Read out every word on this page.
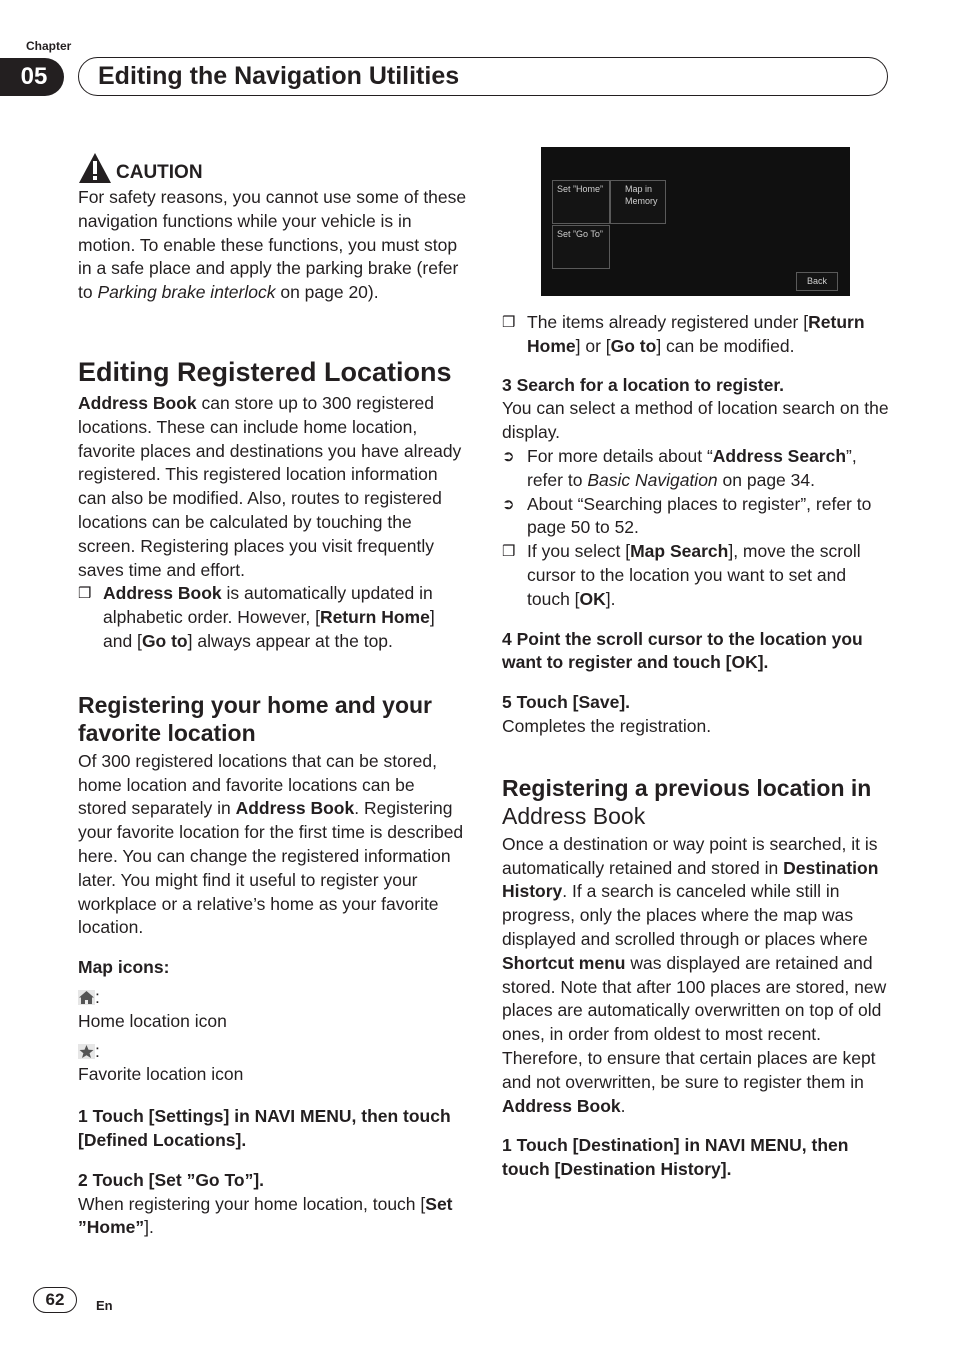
Chapter
05	Editing the Navigation Utilities
CAUTION

For safety reasons, you cannot use some of these navigation functions while your vehicle is in motion. To enable these functions, you must stop in a safe place and apply the parking brake (refer to Parking brake interlock on page 20).

Editing Registered Locations

Address Book can store up to 300 registered locations. These can include home location, favorite places and destinations you have already registered. This registered location information can also be modified. Also, routes to registered locations can be calculated by touching the screen. Registering places you visit frequently saves time and effort.

❒ Address Book is automatically updated in alphabetic order. However, [Return Home] and [Go to] always appear at the top.
Registering your home and your favorite location

Of 300 registered locations that can be stored, home location and favorite locations can be stored separately in Address Book. Registering your favorite location for the first time is described here. You can change the registered information later. You might find it useful to register your workplace or a relative’s home as your favorite location.

Map icons:

:

Home location icon

:

Favorite location icon

1 Touch [Settings] in NAVI MENU, then touch [Defined Locations].

2 Touch [Set ”Go To”].

When registering your home location, touch [Set ”Home”].

Set ”Home”	Map in Memory
Set ”Go To”
Back
❒ The items already registered under [Return Home] or [Go to] can be modified.

3 Search for a location to register.

You can select a method of location search on the display.

➲ For more details about “Address Search”, refer to Basic Navigation on page 34.
➲ About “Searching places to register”, refer to page 50 to 52.
❒ If you select [Map Search], move the scroll cursor to the location you want to set and touch [OK].

4 Point the scroll cursor to the location you want to register and touch [OK].

5 Touch [Save].

Completes the registration.

Registering a previous location in Address Book

Once a destination or way point is searched, it is automatically retained and stored in Destination History. If a search is canceled while still in progress, only the places where the map was displayed and scrolled through or places where Shortcut menu was displayed are retained and stored. Note that after 100 places are stored, new places are automatically overwritten on top of old ones, in order from oldest to most recent. Therefore, to ensure that certain places are kept and not overwritten, be sure to register them in Address Book.

1 Touch [Destination] in NAVI MENU, then touch [Destination History].

62	En
